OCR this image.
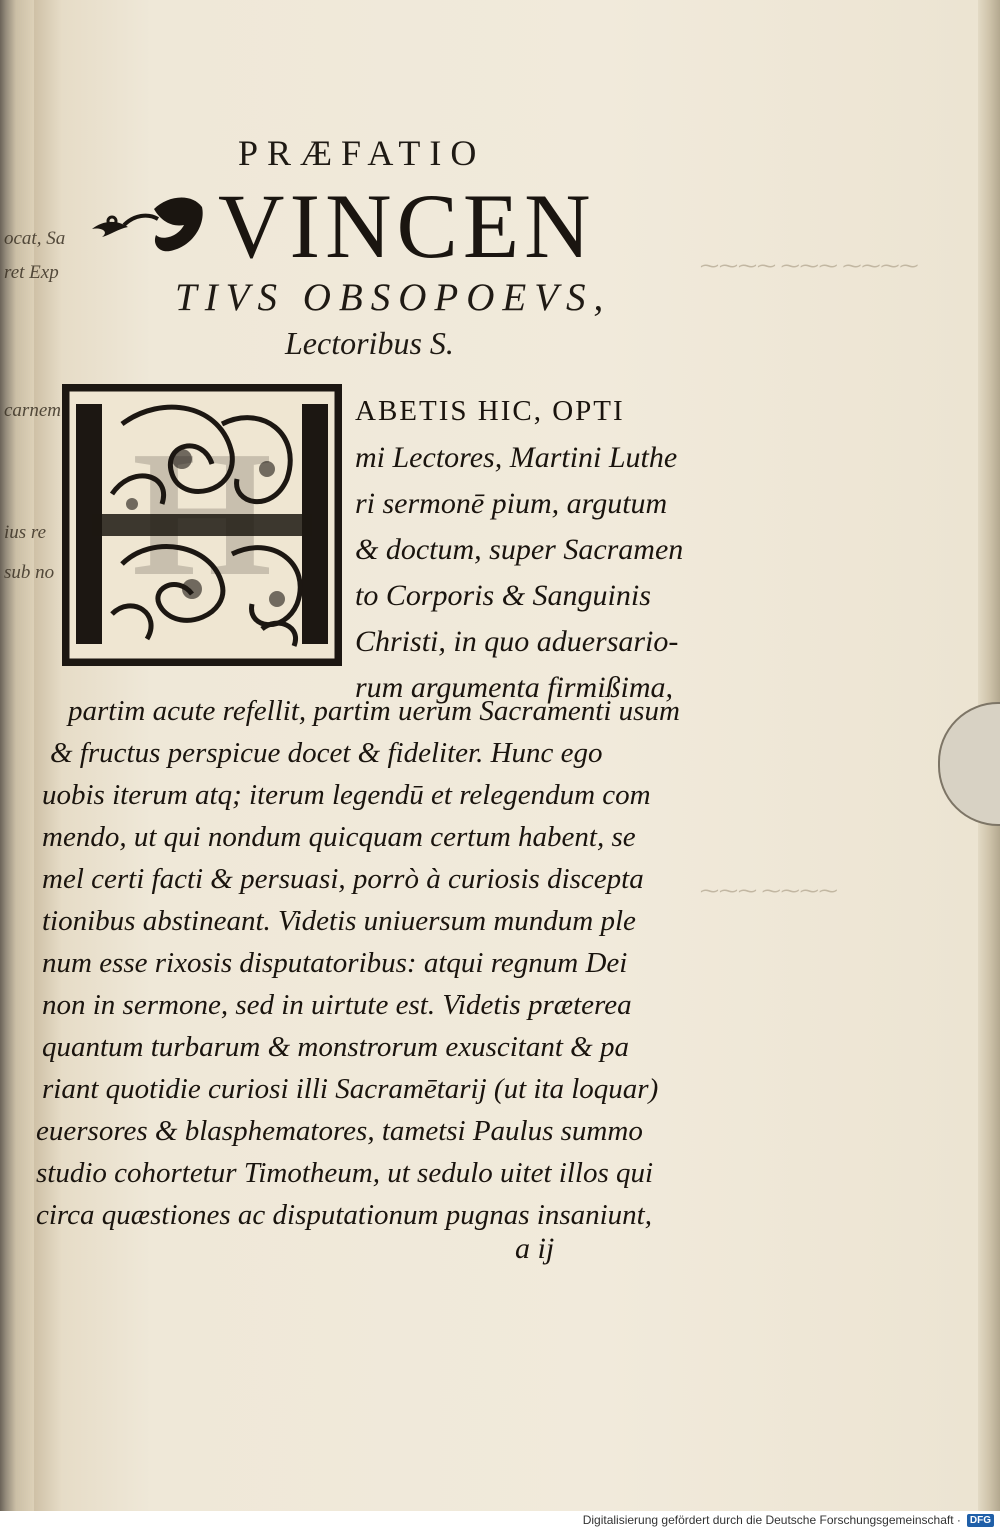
ocat, Sa
ret Exp
carnem
ius re
sub no
⁓⁓⁓⁓ ⁓⁓⁓ ⁓⁓⁓⁓
⁓⁓⁓ ⁓⁓⁓⁓
PRÆFATIO
VINCEN
TIVS OBSOPOEVS,
Lectoribus S.
H
ABETIS HIC, OPTI
mi Lectores, Martini Luthe
ri sermonē pium, argutum
& doctum, super Sacramen
to Corporis & Sanguinis
Christi, in quo aduersario-
rum argumenta firmißima,
partim acute refellit, partim uerum Sacramenti usum
& fructus perspicue docet & fideliter. Hunc ego
uobis iterum atq; iterum legendū et relegendum com
mendo, ut qui nondum quicquam certum habent, se
mel certi facti & persuasi, porrò à curiosis discepta
tionibus abstineant. Videtis uniuersum mundum ple
num esse rixosis disputatoribus: atqui regnum Dei
non in sermone, sed in uirtute est. Videtis præterea
quantum turbarum & monstrorum exuscitant & pa
riant quotidie curiosi illi Sacramētarij (ut ita loquar)
euersores & blasphematores, tametsi Paulus summo
studio cohortetur Timotheum, ut sedulo uitet illos qui
circa quæstiones ac disputationum pugnas insaniunt,
a ij
Digitalisierung gefördert durch die Deutsche Forschungsgemeinschaft · DFG
